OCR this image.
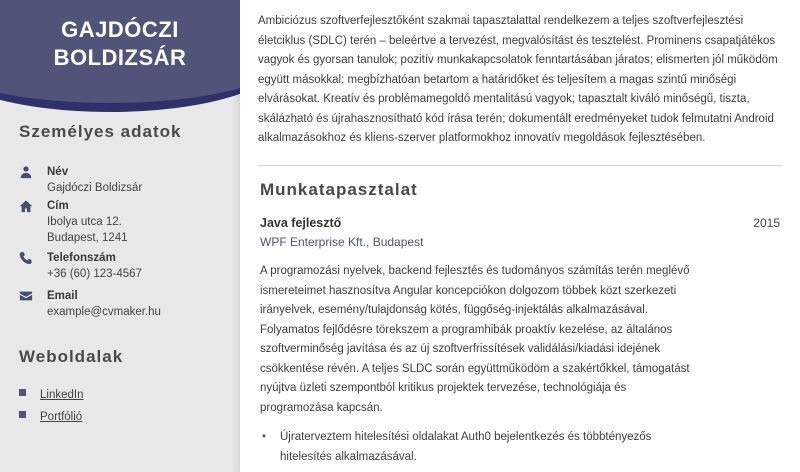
GAJDÓCZI
BOLDIZSÁR
Személyes adatok
Név
Gajdóczi Boldizsár
Cím
Ibolya utca 12.
Budapest, 1241
Telefonszám
+36 (60) 123-4567
Email
example@cvmaker.hu
Weboldalak
LinkedIn
Portfólió

Ambiciózus szoftverfejlesztőként szakmai tapasztalattal rendelkezem a teljes szoftverfejlesztési életciklus (SDLC) terén – beleértve a tervezést, megvalósítást és tesztelést. Prominens csapatjátékos vagyok és gyorsan tanulok; pozitív munkakapcsolatok fenntartásában járatos; elismerten jól működöm együtt másokkal; megbízhatóan betartom a határidőket és teljesítem a magas szintű minőségi elvárásokat. Kreatív és problémamegoldó mentalitású vagyok; tapasztalt kiváló minőségű, tiszta, skálázható és újrahasznosítható kód írása terén; dokumentált eredményeket tudok felmutatni Android alkalmazásokhoz és kliens-szerver platformokhoz innovatív megoldások fejlesztésében.

Munkatapasztalat
Java fejlesztő
WPF Enterprise Kft., Budapest
2015

A programozási nyelvek, backend fejlesztés és tudományos számítás terén meglévő ismereteimet hasznosítva Angular koncepciókon dolgozom többek közt szerkezeti irányelvek, esemény/tulajdonság kötés, függőség-injektálás alkalmazásával. Folyamatos fejlődésre törekszem a programhibák proaktív kezelése, az általános szoftverminőség javítása és az új szoftverfrissítések validálási/kiadási idejének csökkentése révén. A teljes SLDC során együttműködöm a szakértőkkel, támogatást nyújtva üzleti szempontból kritikus projektek tervezése, technológiája és programozása kapcsán.

• Újraterveztem hitelesítési oldalakat Auth0 bejelentkezés és többtényezős hitelesítés alkalmazásával.
